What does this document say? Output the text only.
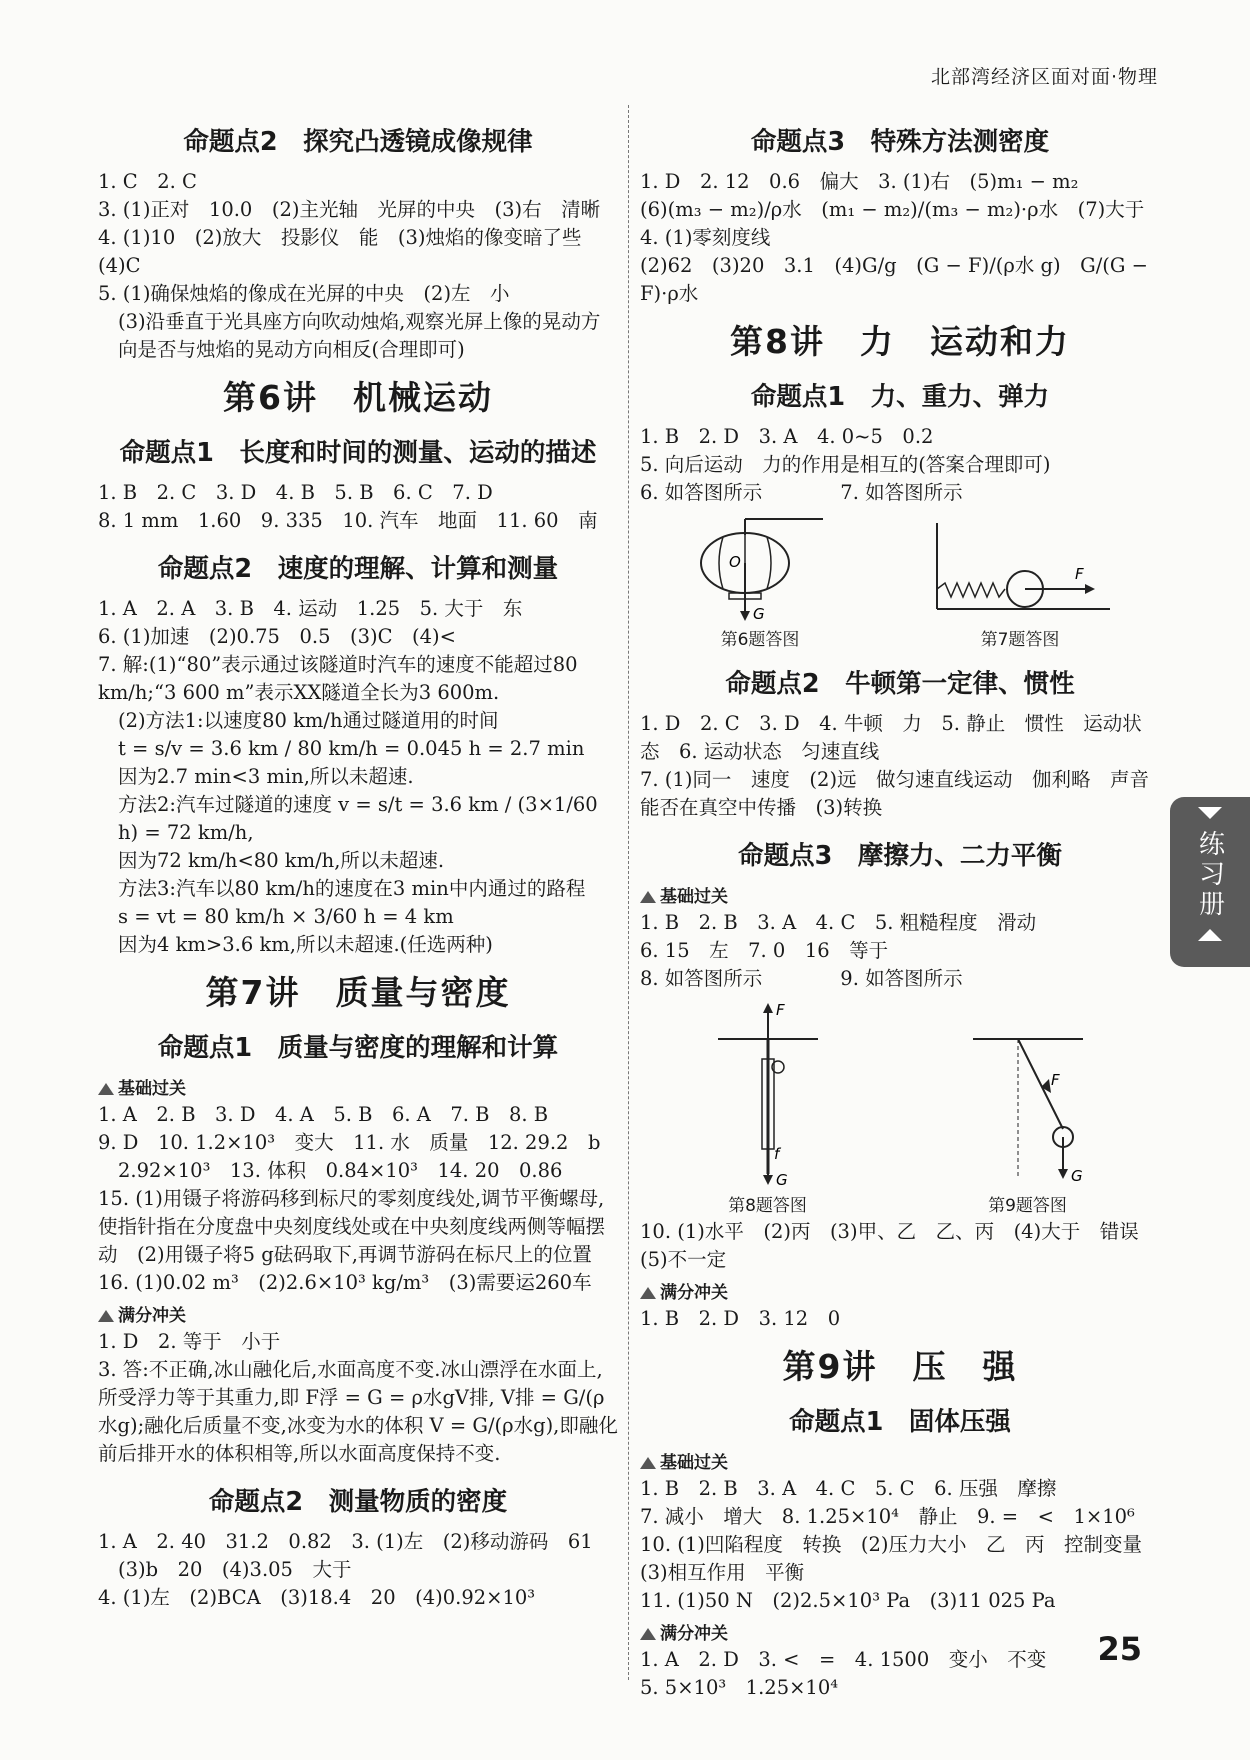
北部湾经济区面对面·物理
命题点2　探究凸透镜成像规律

1. C　2. C

3. (1)正对　10.0　(2)主光轴　光屏的中央　(3)右　清晰

4. (1)10　(2)放大　投影仪　能　(3)烛焰的像变暗了些　(4)C

5. (1)确保烛焰的像成在光屏的中央　(2)左　小

(3)沿垂直于光具座方向吹动烛焰,观察光屏上像的晃动方向是否与烛焰的晃动方向相反(合理即可)

第6讲　机械运动
命题点1　长度和时间的测量、运动的描述

1. B　2. C　3. D　4. B　5. B　6. C　7. D

8. 1 mm　1.60　9. 335　10. 汽车　地面　11. 60　南

命题点2　速度的理解、计算和测量

1. A　2. A　3. B　4. 运动　1.25　5. 大于　东

6. (1)加速　(2)0.75　0.5　(3)C　(4)<

7. 解:(1)“80”表示通过该隧道时汽车的速度不能超过80 km/h;“3 600 m”表示XX隧道全长为3 600m.

(2)方法1:以速度80 km/h通过隧道用的时间

t = s/v = 3.6 km / 80 km/h = 0.045 h = 2.7 min

因为2.7 min<3 min,所以未超速.

方法2:汽车过隧道的速度 v = s/t = 3.6 km / (3×1/60 h) = 72 km/h,

因为72 km/h<80 km/h,所以未超速.

方法3:汽车以80 km/h的速度在3 min中内通过的路程

s = vt = 80 km/h × 3/60 h = 4 km

因为4 km>3.6 km,所以未超速.(任选两种)

第7讲　质量与密度
命题点1　质量与密度的理解和计算
基础过关

1. A　2. B　3. D　4. A　5. B　6. A　7. B　8. B

9. D　10. 1.2×10³　变大　11. 水　质量　12. 29.2　b

2.92×10³　13. 体积　0.84×10³　14. 20　0.86

15. (1)用镊子将游码移到标尺的零刻度线处,调节平衡螺母,使指针指在分度盘中央刻度线处或在中央刻度线两侧等幅摆动　(2)用镊子将5 g砝码取下,再调节游码在标尺上的位置

16. (1)0.02 m³　(2)2.6×10³ kg/m³　(3)需要运260车

满分冲关

1. D　2. 等于　小于

3. 答:不正确,冰山融化后,水面高度不变.冰山漂浮在水面上,所受浮力等于其重力,即 F浮 = G = ρ水gV排, V排 = G/(ρ水g);融化后质量不变,冰变为水的体积 V = G/(ρ水g),即融化前后排开水的体积相等,所以水面高度保持不变.

命题点2　测量物质的密度

1. A　2. 40　31.2　0.82　3. (1)左　(2)移动游码　61

(3)b　20　(4)3.05　大于

4. (1)左　(2)BCA　(3)18.4　20　(4)0.92×10³

命题点3　特殊方法测密度

1. D　2. 12　0.6　偏大　3. (1)右　(5)m₁ − m₂

(6)(m₃ − m₂)/ρ水　(m₁ − m₂)/(m₃ − m₂)·ρ水　(7)大于　4. (1)零刻度线

(2)62　(3)20　3.1　(4)G/g　(G − F)/(ρ水 g)　G/(G − F)·ρ水

第8讲　力　运动和力
命题点1　力、重力、弹力

1. B　2. D　3. A　4. 0~5　0.2

5. 向后运动　力的作用是相互的(答案合理即可)

6. 如答图所示　　　　7. 如答图所示

O
G
第6题答图
F
第7题答图
命题点2　牛顿第一定律、惯性

1. D　2. C　3. D　4. 牛顿　力　5. 静止　惯性　运动状态　6. 运动状态　匀速直线

7. (1)同一　速度　(2)远　做匀速直线运动　伽利略　声音能否在真空中传播　(3)转换

命题点3　摩擦力、二力平衡
基础过关

1. B　2. B　3. A　4. C　5. 粗糙程度　滑动

6. 15　左　7. 0　16　等于

8. 如答图所示　　　　9. 如答图所示

F
f
G
第8题答图
F
G
第9题答图

10. (1)水平　(2)丙　(3)甲、乙　乙、丙　(4)大于　错误　(5)不一定

满分冲关

1. B　2. D　3. 12　0

第9讲　压　强
命题点1　固体压强
基础过关

1. B　2. B　3. A　4. C　5. C　6. 压强　摩擦

7. 减小　增大　8. 1.25×10⁴　静止　9. =　<　1×10⁶

10. (1)凹陷程度　转换　(2)压力大小　乙　丙　控制变量　(3)相互作用　平衡

11. (1)50 N　(2)2.5×10³ Pa　(3)11 025 Pa

满分冲关

1. A　2. D　3. <　=　4. 1500　变小　不变

5. 5×10³　1.25×10⁴

练习册
25
